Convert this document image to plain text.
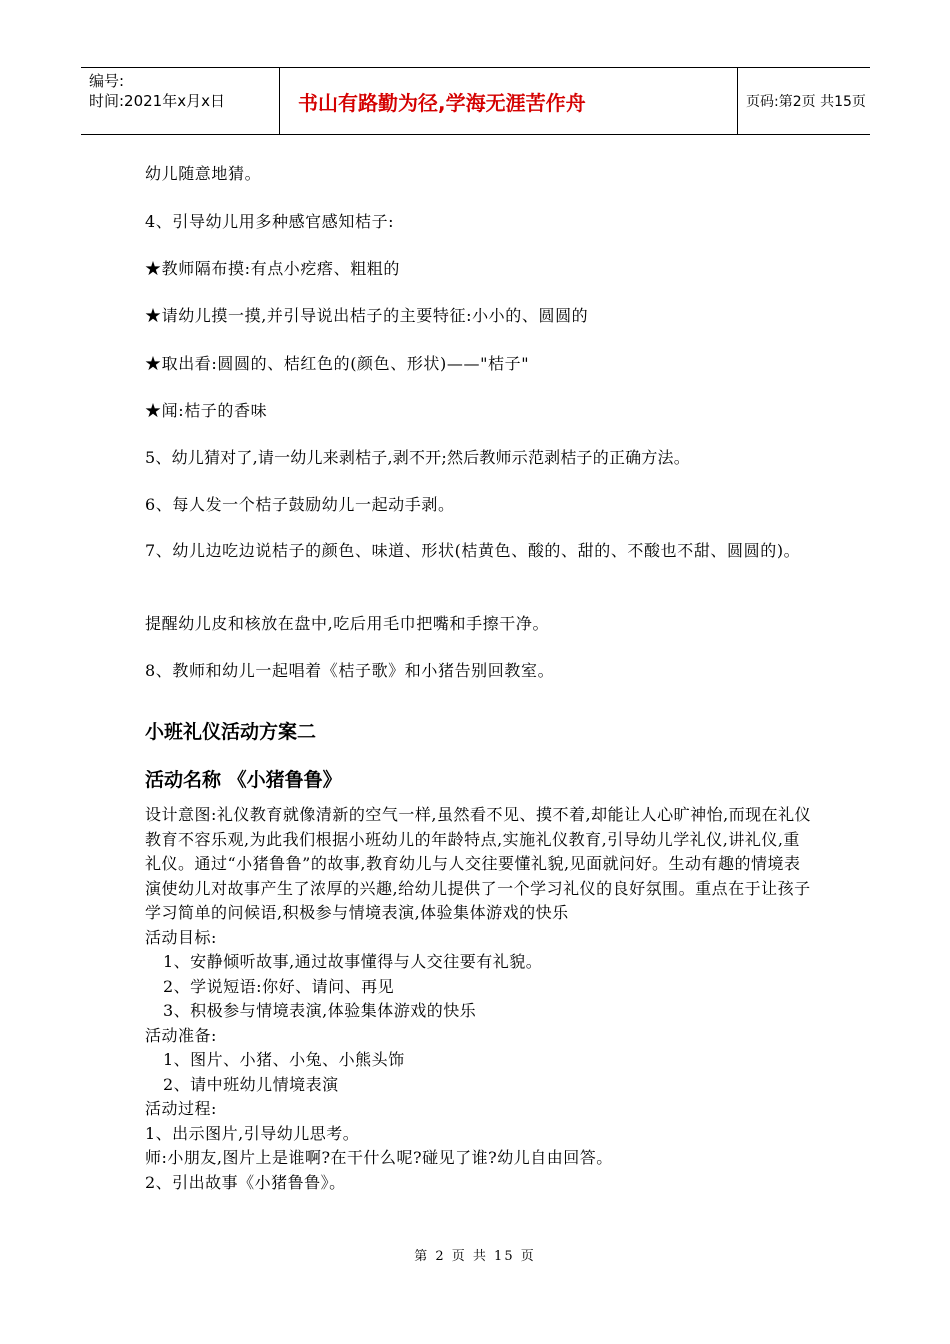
编号:
时间:2021年x月x日	书山有路勤为径,学海无涯苦作舟	页码:第2页 共15页
幼儿随意地猜。
4、引导幼儿用多种感官感知桔子:
★教师隔布摸:有点小疙瘩、粗粗的
★请幼儿摸一摸,并引导说出桔子的主要特征:小小的、圆圆的
★取出看:圆圆的、桔红色的(颜色、形状)——"桔子"
★闻:桔子的香味
5、幼儿猜对了,请一幼儿来剥桔子,剥不开;然后教师示范剥桔子的正确方法。
6、每人发一个桔子鼓励幼儿一起动手剥。
7、幼儿边吃边说桔子的颜色、味道、形状(桔黄色、酸的、甜的、不酸也不甜、圆圆的)。
提醒幼儿皮和核放在盘中,吃后用毛巾把嘴和手擦干净。
8、教师和幼儿一起唱着《桔子歌》和小猪告别回教室。
小班礼仪活动方案二
活动名称 《小猪鲁鲁》
设计意图:礼仪教育就像清新的空气一样,虽然看不见、摸不着,却能让人心旷神怡,而现在礼仪教育不容乐观,为此我们根据小班幼儿的年龄特点,实施礼仪教育,引导幼儿学礼仪,讲礼仪,重礼仪。通过“小猪鲁鲁”的故事,教育幼儿与人交往要懂礼貌,见面就问好。生动有趣的情境表演使幼儿对故事产生了浓厚的兴趣,给幼儿提供了一个学习礼仪的良好氛围。重点在于让孩子学习简单的问候语,积极参与情境表演,体验集体游戏的快乐
活动目标:
1、安静倾听故事,通过故事懂得与人交往要有礼貌。
2、学说短语:你好、请问、再见
3、积极参与情境表演,体验集体游戏的快乐
活动准备:
1、图片、小猪、小兔、小熊头饰
2、请中班幼儿情境表演
活动过程:
1、出示图片,引导幼儿思考。
师:小朋友,图片上是谁啊?在干什么呢?碰见了谁?幼儿自由回答。
2、引出故事《小猪鲁鲁》。
第 2 页 共 15 页
